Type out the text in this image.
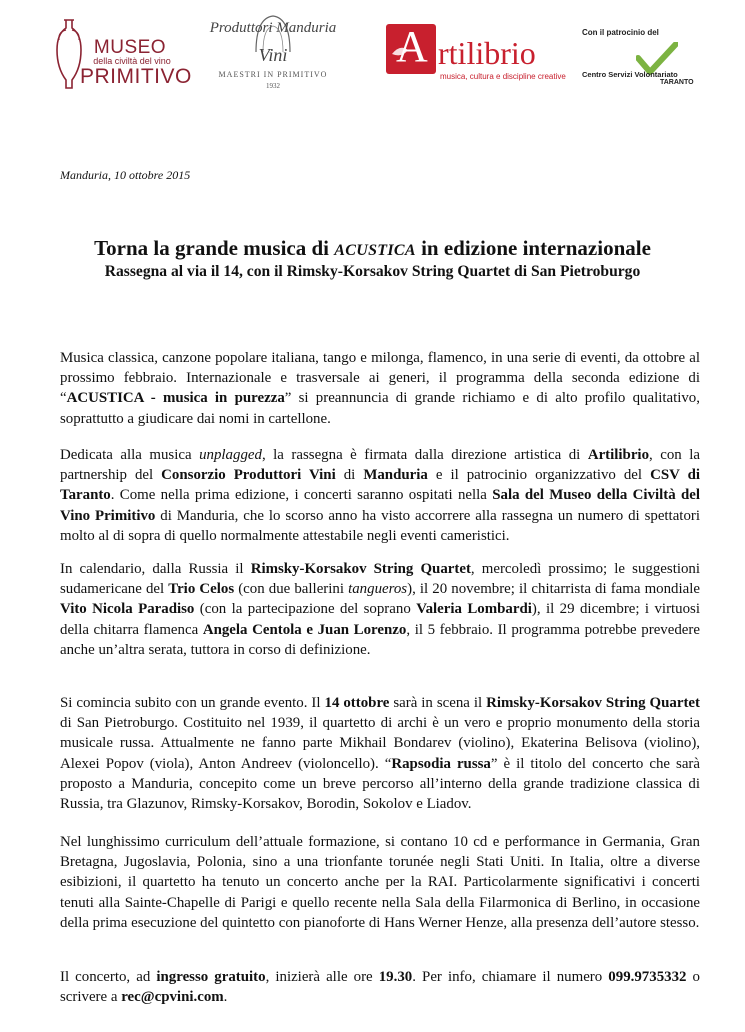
MUSEO
della civiltà del vino
PRIMITIVO
Produttori Manduria
Vini
MAESTRI IN PRIMITIVO
1932
A rtilibrio
musica, cultura e discipline creative
Con il patrocinio del
Centro Servizi Volontariato
TARANTO
Manduria, 10 ottobre 2015
Torna la grande musica di ACUSTICA in edizione internazionale
Rassegna al via il 14, con il Rimsky-Korsakov String Quartet di San Pietroburgo
Musica classica, canzone popolare italiana, tango e milonga, flamenco, in una serie di eventi, da ottobre al prossimo febbraio. Internazionale e trasversale ai generi, il programma della seconda edizione di “ACUSTICA - musica in purezza” si preannuncia di grande richiamo e di alto profilo qualitativo, soprattutto a giudicare dai nomi in cartellone.
Dedicata alla musica unplagged, la rassegna è firmata dalla direzione artistica di Artilibrio, con la partnership del Consorzio Produttori Vini di Manduria e il patrocinio organizzativo del CSV di Taranto. Come nella prima edizione, i concerti saranno ospitati nella Sala del Museo della Civiltà del Vino Primitivo di Manduria, che lo scorso anno ha visto accorrere alla rassegna un numero di spettatori molto al di sopra di quello normalmente attestabile negli eventi cameristici.
In calendario, dalla Russia il Rimsky-Korsakov String Quartet, mercoledì prossimo; le suggestioni sudamericane del Trio Celos (con due ballerini tangueros), il 20 novembre; il chitarrista di fama mondiale Vito Nicola Paradiso (con la partecipazione del soprano Valeria Lombardi), il 29 dicembre; i virtuosi della chitarra flamenca Angela Centola e Juan Lorenzo, il 5 febbraio. Il programma potrebbe prevedere anche un’altra serata, tuttora in corso di definizione.
Si comincia subito con un grande evento. Il 14 ottobre sarà in scena il Rimsky-Korsakov String Quartet di San Pietroburgo. Costituito nel 1939, il quartetto di archi è un vero e proprio monumento della storia musicale russa. Attualmente ne fanno parte Mikhail Bondarev (violino), Ekaterina Belisova (violino), Alexei Popov (viola), Anton Andreev (violoncello). “Rapsodia russa” è il titolo del concerto che sarà proposto a Manduria, concepito come un breve percorso all’interno della grande tradizione classica di Russia, tra Glazunov, Rimsky-Korsakov, Borodin, Sokolov e Liadov.
Nel lunghissimo curriculum dell’attuale formazione, si contano 10 cd e performance in Germania, Gran Bretagna, Jugoslavia, Polonia, sino a una trionfante torunée negli Stati Uniti. In Italia, oltre a diverse esibizioni, il quartetto ha tenuto un concerto anche per la RAI. Particolarmente significativi i concerti tenuti alla Sainte-Chapelle di Parigi e quello recente nella Sala della Filarmonica di Berlino, in occasione della prima esecuzione del quintetto con pianoforte di Hans Werner Henze, alla presenza dell’autore stesso.
Il concerto, ad ingresso gratuito, inizierà alle ore 19.30. Per info, chiamare il numero 099.9735332 o scrivere a rec@cpvini.com.
